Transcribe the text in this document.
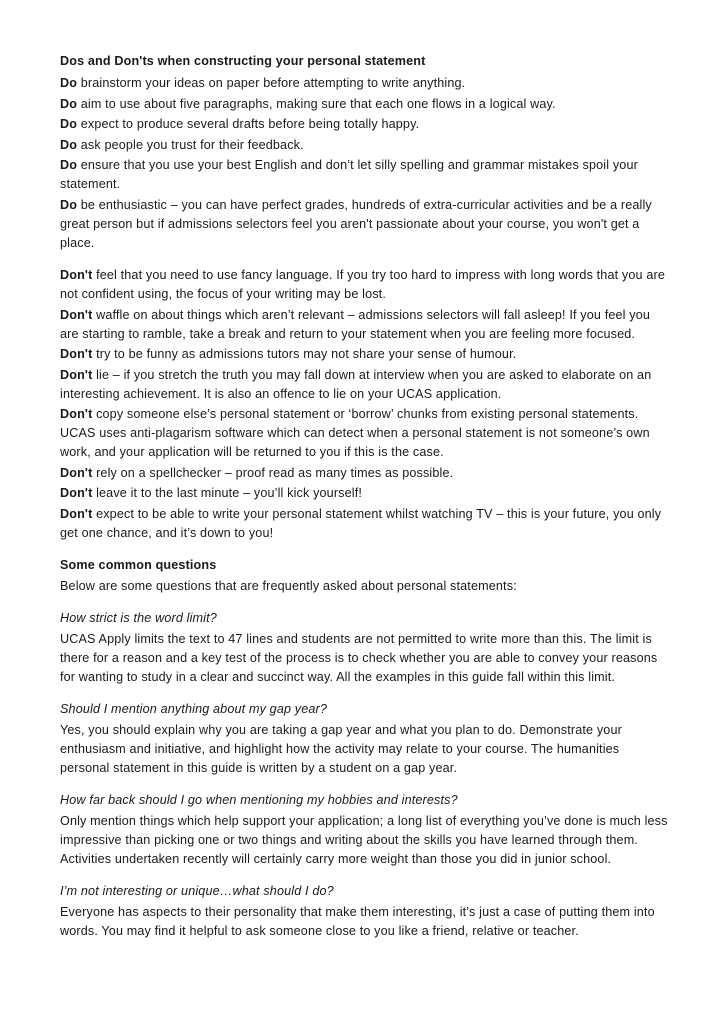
Dos and Don'ts when constructing your personal statement

Do brainstorm your ideas on paper before attempting to write anything.

Do aim to use about five paragraphs, making sure that each one flows in a logical way.

Do expect to produce several drafts before being totally happy.

Do ask people you trust for their feedback.

Do ensure that you use your best English and don’t let silly spelling and grammar mistakes spoil your statement.

Do be enthusiastic – you can have perfect grades, hundreds of extra-curricular activities and be a really great person but if admissions selectors feel you aren't passionate about your course, you won't get a place.

Don't feel that you need to use fancy language. If you try too hard to impress with long words that you are not confident using, the focus of your writing may be lost.

Don't waffle on about things which aren’t relevant – admissions selectors will fall asleep! If you feel you are starting to ramble, take a break and return to your statement when you are feeling more focused.

Don't try to be funny as admissions tutors may not share your sense of humour.

Don't lie – if you stretch the truth you may fall down at interview when you are asked to elaborate on an interesting achievement. It is also an offence to lie on your UCAS application.

Don't copy someone else’s personal statement or ‘borrow’ chunks from existing personal statements. UCAS uses anti-plagarism software which can detect when a personal statement is not someone’s own work, and your application will be returned to you if this is the case.

Don't rely on a spellchecker – proof read as many times as possible.

Don't leave it to the last minute – you’ll kick yourself!

Don't expect to be able to write your personal statement whilst watching TV – this is your future, you only get one chance, and it’s down to you!

Some common questions

Below are some questions that are frequently asked about personal statements:

How strict is the word limit?

UCAS Apply limits the text to 47 lines and students are not permitted to write more than this. The limit is there for a reason and a key test of the process is to check whether you are able to convey your reasons for wanting to study in a clear and succinct way. All the examples in this guide fall within this limit.

Should I mention anything about my gap year?

Yes, you should explain why you are taking a gap year and what you plan to do. Demonstrate your enthusiasm and initiative, and highlight how the activity may relate to your course. The humanities personal statement in this guide is written by a student on a gap year.

How far back should I go when mentioning my hobbies and interests?

Only mention things which help support your application; a long list of everything you’ve done is much less impressive than picking one or two things and writing about the skills you have learned through them. Activities undertaken recently will certainly carry more weight than those you did in junior school.

I’m not interesting or unique…what should I do?

Everyone has aspects to their personality that make them interesting, it’s just a case of putting them into words. You may find it helpful to ask someone close to you like a friend, relative or teacher.
